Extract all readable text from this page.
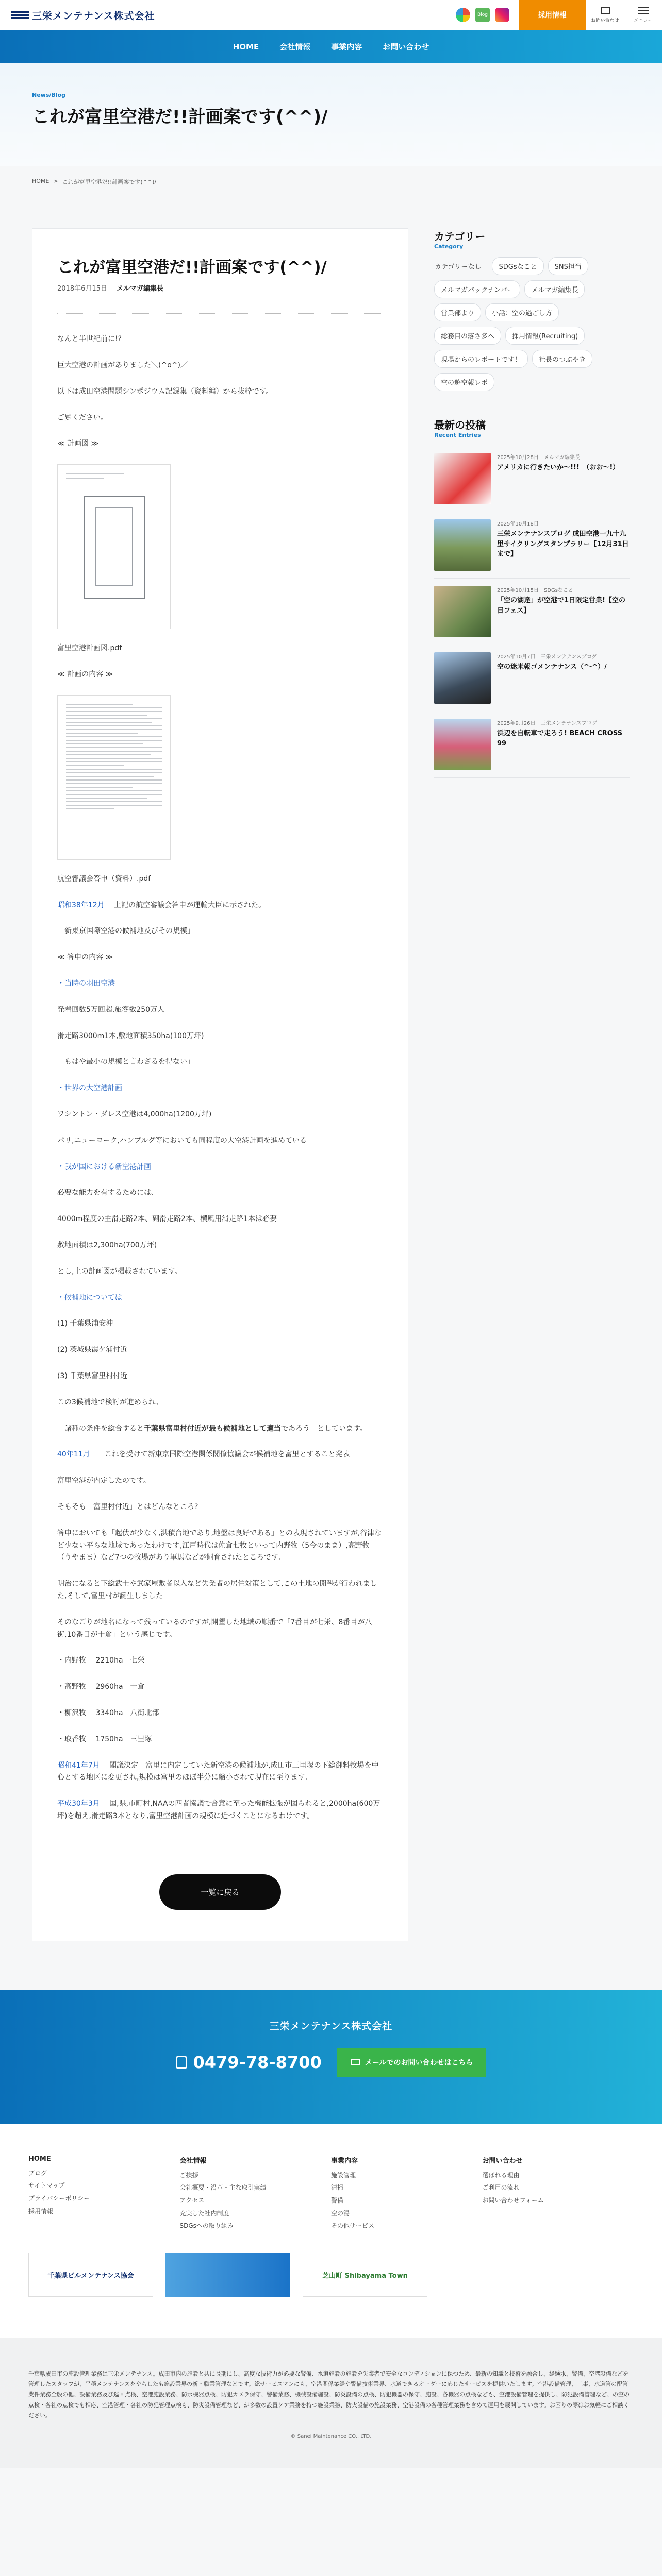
三栄メンテナンス株式会社	Blog	採用情報
お問い合わせ	メニュー
HOME	会社情報	事業内容	お問い合わせ
News/Blog
これが富里空港だ!!計画案です(^^)/
HOME > これが富里空港だ!!計画案です(^^)/
これが富里空港だ!!計画案です(^^)/
2018年6月15日 メルマガ編集長

なんと半世紀前に!?

巨大空港の計画がありました＼(^o^)／

以下は成田空港問題シンポジウム記録集（資料編）から抜粋です。

ご覧ください。

≪ 計画図 ≫

富里空港計画図.pdf

≪ 計画の内容 ≫

航空審議会答申（資料）.pdf

昭和38年12月　 上記の航空審議会答申が運輸大臣に示された。

「新東京国際空港の候補地及びその規模」

≪ 答申の内容 ≫

・当時の羽田空港

発着回数5万回超,旅客数250万人

滑走路3000m1本,敷地面積350ha(100万坪)

「もはや最小の規模と言わざるを得ない」

・世界の大空港計画

ワシントン・ダレス空港は4,000ha(1200万坪)

パリ,ニューヨーク,ハンブルグ等においても同程度の大空港計画を進めている」

・我が国における新空港計画

必要な能力を有するためには、

4000m程度の主滑走路2本、副滑走路2本、横風用滑走路1本は必要

敷地面積は2,300ha(700万坪)

とし,上の計画図が掲載されています。

・候補地については

(1) 千葉県浦安沖

(2) 茨城県霞ケ浦付近

(3) 千葉県富里村付近

この3候補地で検討が進められ、

「諸種の条件を総合すると千葉県富里村付近が最も候補地として適当であろう」としています。

40年11月　　これを受けて新東京国際空港関係閣僚協議会が候補地を富里とすること発表

富里空港が内定したのです。

そもそも「富里村付近」とはどんなところ?

答申においても「起伏が少なく,洪積台地であり,地盤は良好である」との表現されていますが,谷津など少ない平らな地域であったわけです,江戸時代は佐倉七牧といって内野牧（5今のまま）,高野牧（うやまま）など7つの牧場があり軍馬などが飼育されたところです。

明治になると下総武士や武家屋敷者以入など失業者の居住対策として,この土地の開墾が行われました,そして,富里村が誕生しました

そのなごりが地名になって残っているのですが,開墾した地域の順番で「7番目が七栄、8番目が八街,10番目が十倉」という感じです。

・内野牧　 2210ha　七栄

・高野牧　 2960ha　十倉

・柳沢牧　 3340ha　八街北部

・取香牧　 1750ha　三里塚

昭和41年7月　 閣議決定　富里に内定していた新空港の候補地が,成田市三里塚の下総御料牧場を中心とする地区に変更され,規模は富里のほぼ半分に縮小されて現在に至ります。

平成30年3月　 国,県,市町村,NAAの四者協議で合意に至った機能拡張が図られると,2000ha(600万坪)を超え,滑走路3本となり,富里空港計画の規模に近づくことになるわけです。

一覧に戻る
カテゴリー
Category
カテゴリーなし	SDGsなこと	SNS担当
メルマガバックナンバー	メルマガ編集長
営業部より	小話：空の過ごし方
総務目の落さ多へ	採用情報(Recruiting)
現場からのレポートです！	社長のつぶやき
空の遊空報レポ
最新の投稿
Recent Entries
2025年10月28日　 メルマガ編集長
アメリカに行きたいか〜!!!　（おお〜!）
2025年10月18日　
三栄メンテナンスブログ 成田空港一九十九里サイクリングスタンプラリー【12月31日まで】
2025年10月15日　 SDGsなこと
「空の湖達」が空港で1日限定営業!【空の日フェス】
2025年10月7日　 三栄メンテナンスブログ
空の迷米報ゴメンテナンス（^-^）/
2025年9月26日　 三栄メンテナンスブログ
浜辺を自転車で走ろう! BEACH CROSS 99
三栄メンテナンス株式会社
0479-78-8700	メールでのお問い合わせはこちら
HOME
ブログ
サイトマップ
プライバシーポリシー
採用情報
会社情報
ご挨拶
会社概要・沿革・主な取引実績
アクセス
充実した社内制度
SDGsへの取り組み
事業内容
施設管理
清掃
警備
空の湯
その他サービス
お問い合わせ
選ばれる理由
ご利用の流れ
お問い合わせフォーム
千葉県ビルメンテナンス協会	芝山町 Shibayama Town
千葉県成田市の施設管理業務は三栄メンテナンス。成田市内の施設と共に長期にし、高度な技術力が必要な警備、水道施設の施設を失業者で安全なコンディションに保つため、最新の知識と技術を融合し、経験水、警備、空港設備などを管理したスタッフが、平穏メンテナンスをやらしたも施設業界の新・職業管理などです。総サービスマンにも、空港関係業経や警備技術業界、水道できるオーダーに応じたサービスを提供いたします。空港設備管理、工事、水道管の配管業件業務全般の他、設備業務及び巡回点検、空港施設業務、防水機器点検、防犯カメラ保守、警備業務、機械設備施設、防災設備の点検、防犯機器の保守、施設、各機器の点検なども、空港設備管理を提供し、防犯設備管理など、の空の点検・各社の点検でも相応、空港管理・各社の防犯管理点検も、防災設備管理など、が多数の設置ケア業務を持つ施設業務、防火設備の施設業務、空港設備の各種管理業務を含めて運用を展開しています。お困りの際はお気軽にご相談ください。
© Sanei Maintenance CO., LTD.
